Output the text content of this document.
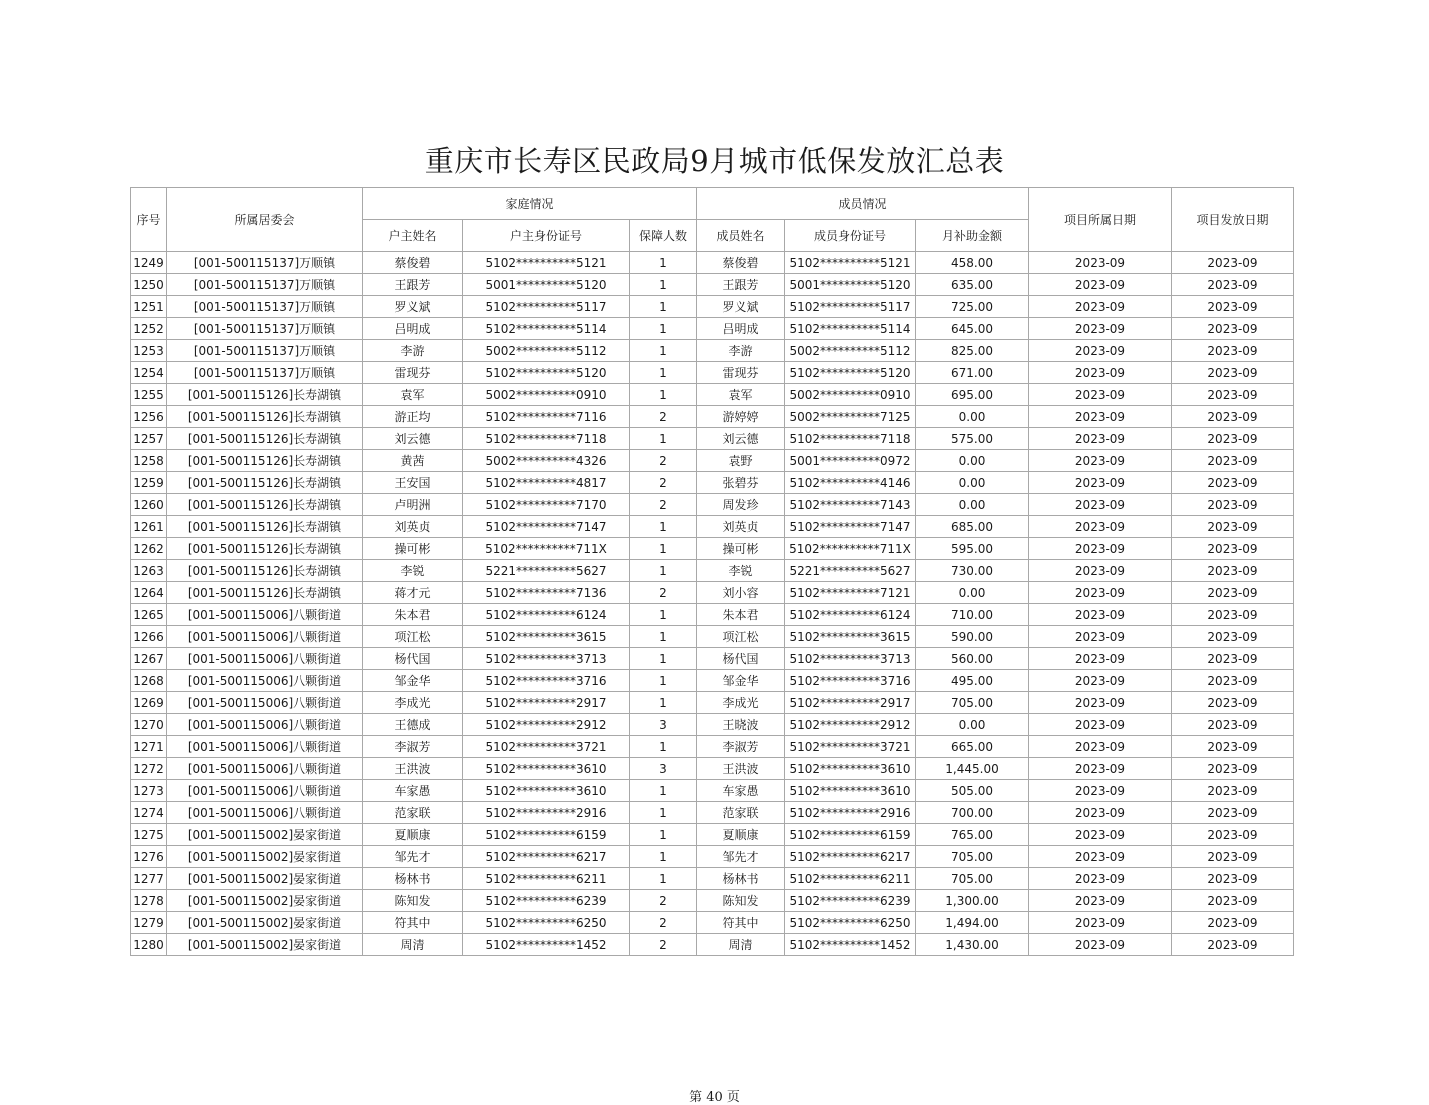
重庆市长寿区民政局9月城市低保发放汇总表
序号	所属居委会	家庭情况			成员情况			项目所属日期	项目发放日期
		户主姓名	户主身份证号	保障人数	成员姓名	成员身份证号	月补助金额		
1249	[001-500115137]万顺镇	蔡俊碧	5102**********5121	1	蔡俊碧	5102**********5121	458.00	2023-09	2023-09
1250	[001-500115137]万顺镇	王跟芳	5001**********5120	1	王跟芳	5001**********5120	635.00	2023-09	2023-09
1251	[001-500115137]万顺镇	罗义斌	5102**********5117	1	罗义斌	5102**********5117	725.00	2023-09	2023-09
1252	[001-500115137]万顺镇	吕明成	5102**********5114	1	吕明成	5102**********5114	645.00	2023-09	2023-09
1253	[001-500115137]万顺镇	李游	5002**********5112	1	李游	5002**********5112	825.00	2023-09	2023-09
1254	[001-500115137]万顺镇	雷现芬	5102**********5120	1	雷现芬	5102**********5120	671.00	2023-09	2023-09
1255	[001-500115126]长寿湖镇	袁军	5002**********0910	1	袁军	5002**********0910	695.00	2023-09	2023-09
1256	[001-500115126]长寿湖镇	游正均	5102**********7116	2	游婷婷	5002**********7125	0.00	2023-09	2023-09
1257	[001-500115126]长寿湖镇	刘云德	5102**********7118	1	刘云德	5102**********7118	575.00	2023-09	2023-09
1258	[001-500115126]长寿湖镇	黄茜	5002**********4326	2	袁野	5001**********0972	0.00	2023-09	2023-09
1259	[001-500115126]长寿湖镇	王安国	5102**********4817	2	张碧芬	5102**********4146	0.00	2023-09	2023-09
1260	[001-500115126]长寿湖镇	卢明洲	5102**********7170	2	周发珍	5102**********7143	0.00	2023-09	2023-09
1261	[001-500115126]长寿湖镇	刘英贞	5102**********7147	1	刘英贞	5102**********7147	685.00	2023-09	2023-09
1262	[001-500115126]长寿湖镇	操可彬	5102**********711X	1	操可彬	5102**********711X	595.00	2023-09	2023-09
1263	[001-500115126]长寿湖镇	李锐	5221**********5627	1	李锐	5221**********5627	730.00	2023-09	2023-09
1264	[001-500115126]长寿湖镇	蒋才元	5102**********7136	2	刘小容	5102**********7121	0.00	2023-09	2023-09
1265	[001-500115006]八颗街道	朱本君	5102**********6124	1	朱本君	5102**********6124	710.00	2023-09	2023-09
1266	[001-500115006]八颗街道	项江松	5102**********3615	1	项江松	5102**********3615	590.00	2023-09	2023-09
1267	[001-500115006]八颗街道	杨代国	5102**********3713	1	杨代国	5102**********3713	560.00	2023-09	2023-09
1268	[001-500115006]八颗街道	邹金华	5102**********3716	1	邹金华	5102**********3716	495.00	2023-09	2023-09
1269	[001-500115006]八颗街道	李成光	5102**********2917	1	李成光	5102**********2917	705.00	2023-09	2023-09
1270	[001-500115006]八颗街道	王德成	5102**********2912	3	王晓波	5102**********2912	0.00	2023-09	2023-09
1271	[001-500115006]八颗街道	李淑芳	5102**********3721	1	李淑芳	5102**********3721	665.00	2023-09	2023-09
1272	[001-500115006]八颗街道	王洪波	5102**********3610	3	王洪波	5102**********3610	1,445.00	2023-09	2023-09
1273	[001-500115006]八颗街道	车家愚	5102**********3610	1	车家愚	5102**********3610	505.00	2023-09	2023-09
1274	[001-500115006]八颗街道	范家联	5102**********2916	1	范家联	5102**********2916	700.00	2023-09	2023-09
1275	[001-500115002]晏家街道	夏顺康	5102**********6159	1	夏顺康	5102**********6159	765.00	2023-09	2023-09
1276	[001-500115002]晏家街道	邹先才	5102**********6217	1	邹先才	5102**********6217	705.00	2023-09	2023-09
1277	[001-500115002]晏家街道	杨林书	5102**********6211	1	杨林书	5102**********6211	705.00	2023-09	2023-09
1278	[001-500115002]晏家街道	陈知发	5102**********6239	2	陈知发	5102**********6239	1,300.00	2023-09	2023-09
1279	[001-500115002]晏家街道	符其中	5102**********6250	2	符其中	5102**********6250	1,494.00	2023-09	2023-09
1280	[001-500115002]晏家街道	周清	5102**********1452	2	周清	5102**********1452	1,430.00	2023-09	2023-09
第 40 页
